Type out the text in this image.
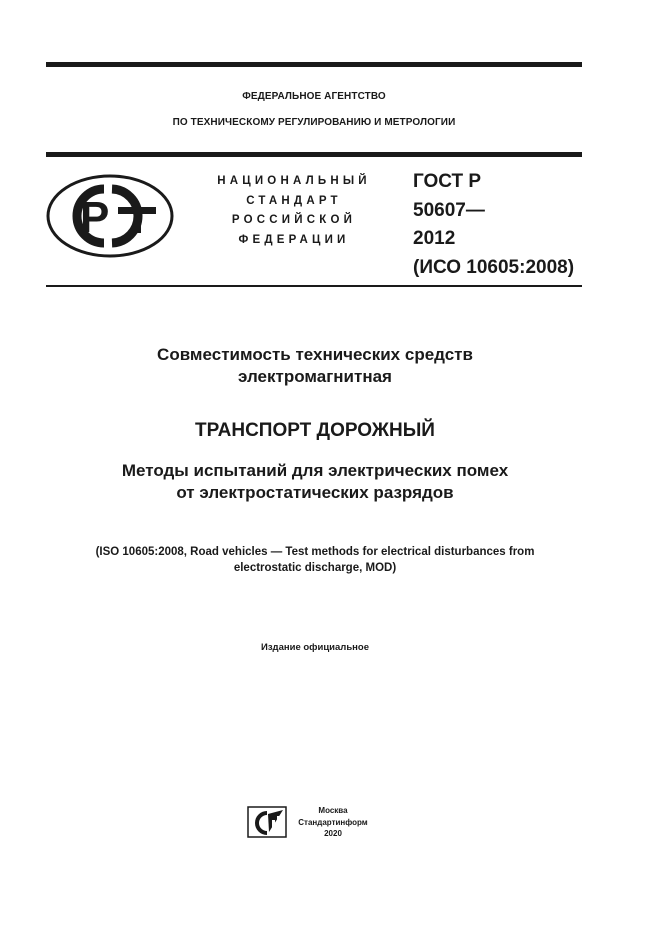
ФЕДЕРАЛЬНОЕ АГЕНТСТВО
ПО ТЕХНИЧЕСКОМУ РЕГУЛИРОВАНИЮ И МЕТРОЛОГИИ
Р
НАЦИОНАЛЬНЫЙ
СТАНДАРТ
РОССИЙСКОЙ
ФЕДЕРАЦИИ
ГОСТ Р
50607—
2012
(ИСО 10605:2008)
Совместимость технических средств
электромагнитная
ТРАНСПОРТ ДОРОЖНЫЙ
Методы испытаний для электрических помех
от электростатических разрядов
(ISO 10605:2008, Road vehicles — Test methods for electrical disturbances from
electrostatic discharge, MOD)
Издание официальное
Москва
Стандартинформ
2020
